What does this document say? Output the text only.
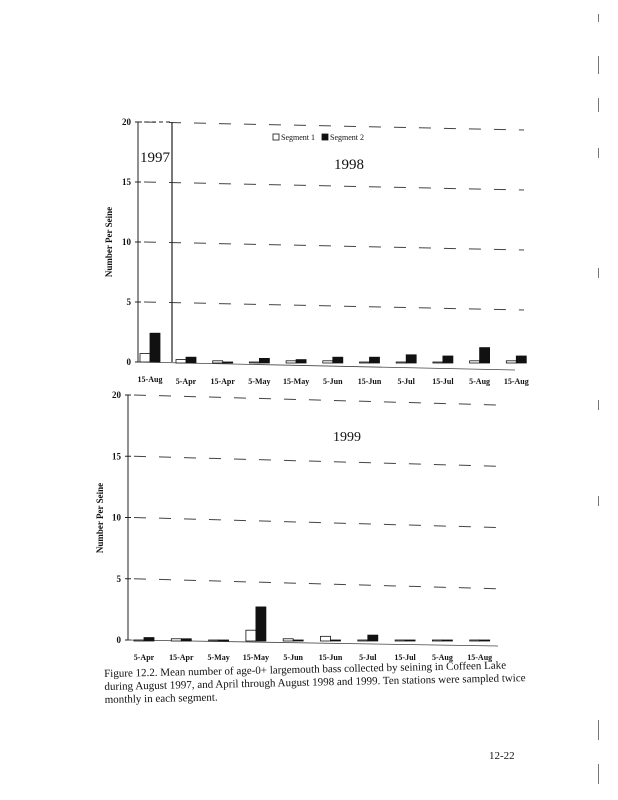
0
5
10
15
20
Number Per Seine
1997	1998
Segment 1 Segment 2
15-Aug 5-Apr 15-Apr 5-May 15-May 5-Jun 15-Jun 5-Jul 15-Jul 5-Aug 15-Aug
0
5
10
15
20
Number Per Seine
1999
5-Apr 15-Apr 5-May 15-May 5-Jun 15-Jun 5-Jul 15-Jul 5-Aug 15-Aug
Figure 12.2. Mean number of age-0+ largemouth bass collected by seining in Coffeen Lake during August 1997, and April through August 1998 and 1999. Ten stations were sampled twice monthly in each segment.
12-22
